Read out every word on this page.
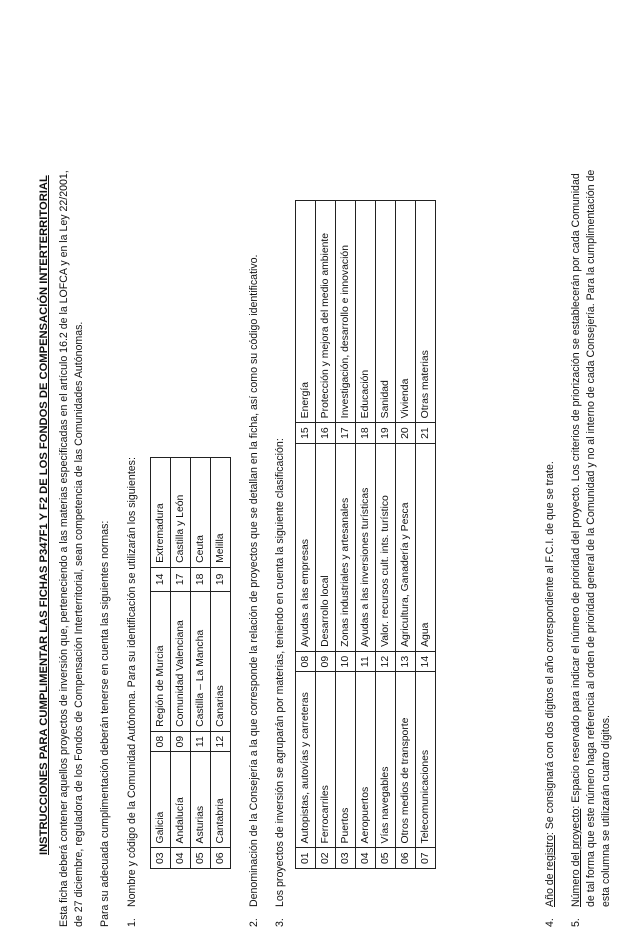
INSTRUCCIONES PARA CUMPLIMENTAR LAS FICHAS P347F1 Y F2 DE LOS FONDOS DE COMPENSACIÓN INTERTERRITORIAL Esta ficha deberá contener aquellos proyectos de inversión que, perteneciendo a las materias especificadas en el artículo 16.2 de la LOFCA y en la Ley 22/2001, de 27 diciembre, reguladora de los Fondos de Compensación Interterritorial, sean competencia de las Comunidades Autónomas. Para su adecuada cumplimentación deberán tenerse en cuenta las siguientes normas: 1.
Nombre y código de la Comunidad Autónoma. Para su identificación se utilizarán los siguientes: 03	Galicia	08	Región de Murcia	14	Extremadura
04	Andalucía	09	Comunidad Valenciana	17	Castilla y León
05	Asturias	11	Castilla – La Mancha	18	Ceuta
06	Cantabria	12	Canarias	19	Melilla
2.
Denominación de la Consejería a la que corresponde la relación de proyectos que se detallan en la ficha, así como su código identificativo.
3.
Los proyectos de inversión se agruparán por materias, teniendo en cuenta la siguiente clasificación: 01	Autopistas, autovías y carreteras	08	Ayudas a las empresas	15	Energía
02	Ferrocarriles	09	Desarrollo local	16	Protección y mejora del medio ambiente
03	Puertos	10	Zonas industriales y artesanales	17	Investigación, desarrollo e innovación
04	Aeropuertos	11	Ayudas a las inversiones turísticas	18	Educación
05	Vías navegables	12	Valor. recursos cult. ints. turístico	19	Sanidad
06	Otros medios de transporte	13	Agricultura, Ganadería y Pesca	20	Vivienda
07	Telecomunicaciones	14	Agua	21	Otras materias
4.
Año de registro: Se consignará con dos dígitos el año correspondiente al F.C.I. de que se trate.
5.
Número del proyecto: Espacio reservado para indicar el número de prioridad del proyecto. Los criterios de priorización se establecerán por cada Comunidad de tal forma que este número haga referencia al orden de prioridad general de la Comunidad y no al interno de cada Consejería. Para la cumplimentación de esta columna se utilizarán cuatro dígitos.
